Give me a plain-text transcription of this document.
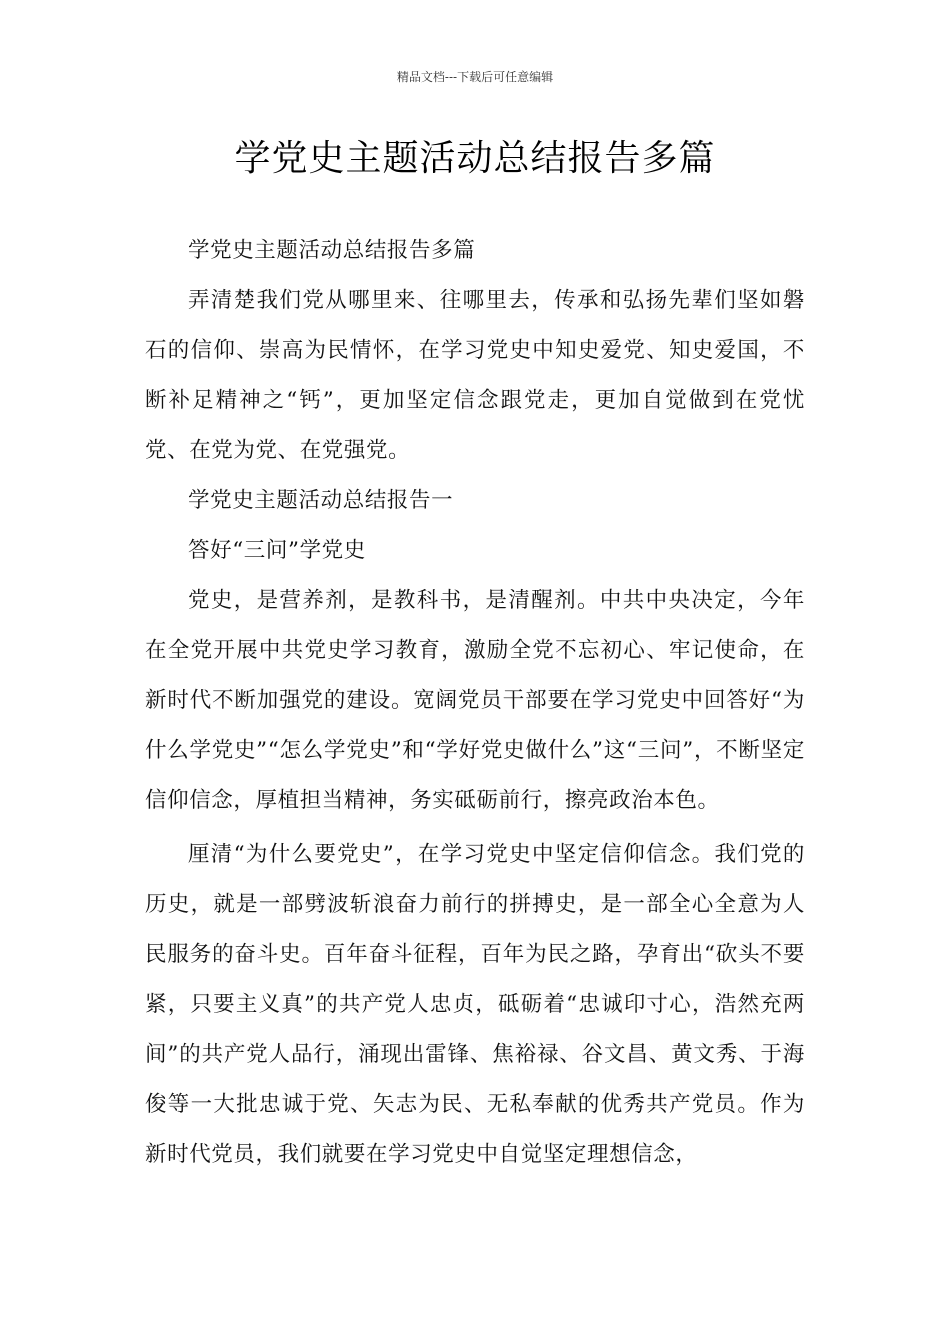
精品文档---下载后可任意编辑
学党史主题活动总结报告多篇

学党史主题活动总结报告多篇

弄清楚我们党从哪里来、往哪里去，传承和弘扬先辈们坚如磐石的信仰、崇高为民情怀，在学习党史中知史爱党、知史爱国，不断补足精神之“钙”，更加坚定信念跟党走，更加自觉做到在党忧党、在党为党、在党强党。

学党史主题活动总结报告一

答好“三问”学党史

党史，是营养剂，是教科书，是清醒剂。中共中央决定，今年在全党开展中共党史学习教育，激励全党不忘初心、牢记使命，在新时代不断加强党的建设。宽阔党员干部要在学习党史中回答好“为什么学党史”“怎么学党史”和“学好党史做什么”这“三问”，不断坚定信仰信念，厚植担当精神，务实砥砺前行，擦亮政治本色。

厘清“为什么要党史”，在学习党史中坚定信仰信念。我们党的历史，就是一部劈波斩浪奋力前行的拼搏史，是一部全心全意为人民服务的奋斗史。百年奋斗征程，百年为民之路，孕育出“砍头不要紧，只要主义真”的共产党人忠贞，砥砺着“忠诚印寸心，浩然充两间”的共产党人品行，涌现出雷锋、焦裕禄、谷文昌、黄文秀、于海俊等一大批忠诚于党、矢志为民、无私奉献的优秀共产党员。作为新时代党员，我们就要在学习党史中自觉坚定理想信念，
